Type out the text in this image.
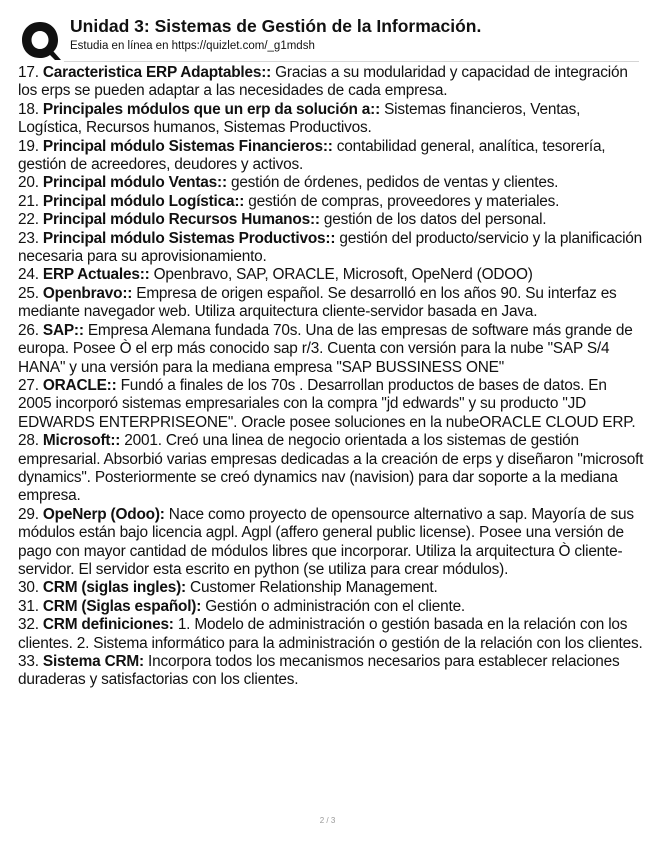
Unidad 3: Sistemas de Gestión de la Información.
Estudia en línea en https://quizlet.com/_g1mdsh

17. Caracteristica ERP Adaptables:: Gracias a su modularidad y capacidad de integración los erps se pueden adaptar a las necesidades de cada empresa.

18. Principales módulos que un erp da solución a:: Sistemas financieros, Ventas, Logística, Recursos humanos, Sistemas Productivos.

19. Principal módulo Sistemas Financieros:: contabilidad general, analítica, tesorería, gestión de acreedores, deudores y activos.

20. Principal módulo Ventas:: gestión de órdenes, pedidos de ventas y clientes.

21. Principal módulo Logística:: gestión de compras, proveedores y materiales.

22. Principal módulo Recursos Humanos:: gestión de los datos del personal.

23. Principal módulo Sistemas Productivos:: gestión del producto/servicio y la planificación necesaria para su aprovisionamiento.

24. ERP Actuales:: Openbravo, SAP, ORACLE, Microsoft, OpeNerd (ODOO)

25. Openbravo:: Empresa de origen español. Se desarrolló en los años 90. Su interfaz es mediante navegador web. Utiliza arquitectura cliente-servidor basada en Java.

26. SAP:: Empresa Alemana fundada 70s. Una de las empresas de software más grande de europa. Posee Ò el erp más conocido sap r/3. Cuenta con versión para la nube "SAP S/4 HANA" y una versión para la mediana empresa "SAP BUSSINESS ONE"

27. ORACLE:: Fundó a finales de los 70s . Desarrollan productos de bases de datos. En 2005 incorporó sistemas empresariales con la compra "jd edwards" y su producto "JD EDWARDS ENTERPRISEONE". Oracle posee soluciones en la nubeORACLE CLOUD ERP.

28. Microsoft:: 2001. Creó una linea de negocio orientada a los sistemas de gestión empresarial. Absorbió varias empresas dedicadas a la creación de erps y diseñaron "microsoft dynamics". Posteriormente se creó dynamics nav (navision) para dar soporte a la mediana empresa.

29. OpeNerp (Odoo): Nace como proyecto de opensource alternativo a sap. Mayoría de sus módulos están bajo licencia agpl. Agpl (affero general public license). Posee una versión de pago con mayor cantidad de módulos libres que incorporar. Utiliza la arquitectura Ò cliente-servidor. El servidor esta escrito en python (se utiliza para crear módulos).

30. CRM (siglas ingles): Customer Relationship Management.

31. CRM (Siglas español): Gestión o administración con el cliente.

32. CRM definiciones: 1. Modelo de administración o gestión basada en la relación con los clientes. 2. Sistema informático para la administración o gestión de la relación con los clientes.

33. Sistema CRM: Incorpora todos los mecanismos necesarios para establecer relaciones duraderas y satisfactorias con los clientes.

2 / 3
